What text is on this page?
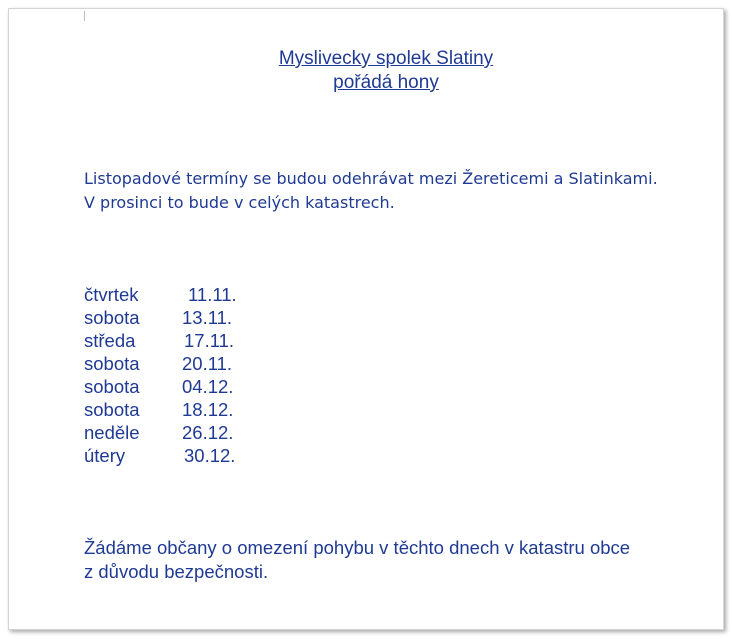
Myslivecky spolek Slatiny
pořádá hony

Listopadové termíny se budou odehrávat mezi Žereticemi a Slatinkami.

V prosinci to bude v celých katastrech.

čtvrtek	11.11.
sobota	13.11.
středa	17.11.
sobota	20.11.
sobota	04.12.
sobota	18.12.
neděle	26.12.
útery	30.12.

Žádáme občany o omezení pohybu v těchto dnech v katastru obce

z důvodu bezpečnosti.
